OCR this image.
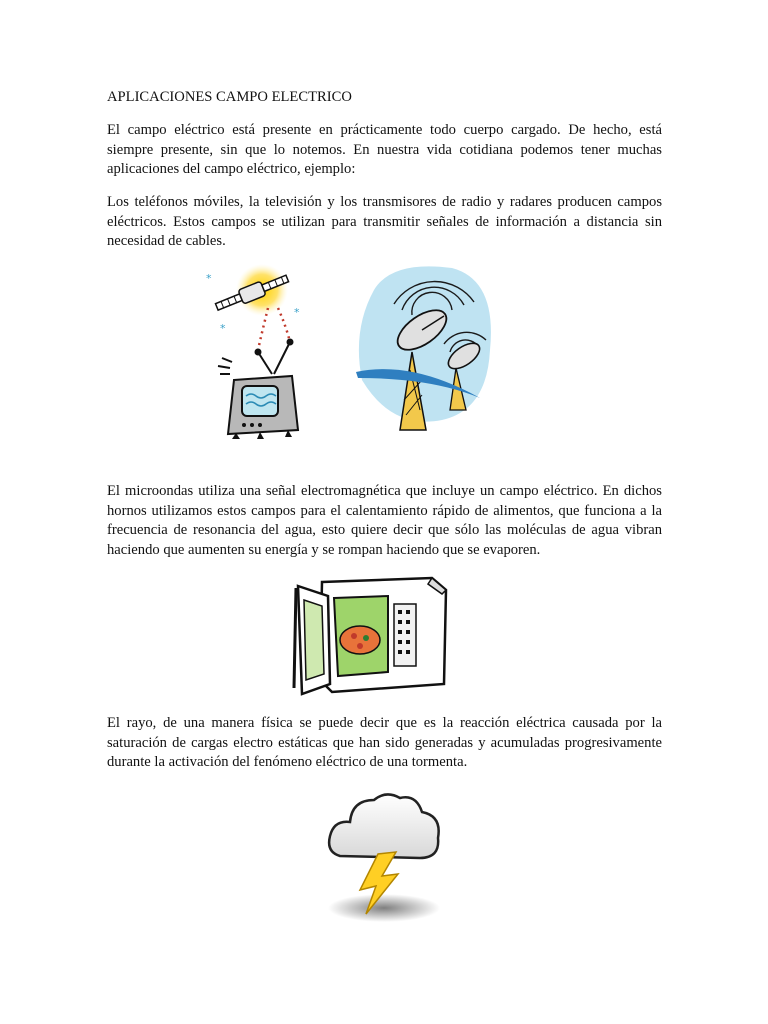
APLICACIONES CAMPO ELECTRICO

El campo eléctrico está presente en prácticamente todo cuerpo cargado. De hecho, está siempre presente, sin que lo notemos. En nuestra vida cotidiana podemos tener muchas aplicaciones del campo eléctrico, ejemplo:

Los teléfonos móviles, la televisión y los transmisores de radio y radares producen campos eléctricos. Estos campos se utilizan para transmitir señales de información a distancia sin necesidad de cables.

*
*
*

El microondas utiliza una señal electromagnética que incluye un campo eléctrico. En dichos hornos utilizamos estos campos para el calentamiento rápido de alimentos, que funciona a la frecuencia de resonancia del agua, esto quiere decir que sólo las moléculas de agua vibran haciendo que aumenten su energía y se rompan haciendo que se evaporen.

El rayo, de una manera física se puede decir que es la reacción eléctrica causada por la saturación de cargas electro estáticas que han sido generadas y acumuladas progresivamente durante la activación del fenómeno eléctrico de una tormenta.
